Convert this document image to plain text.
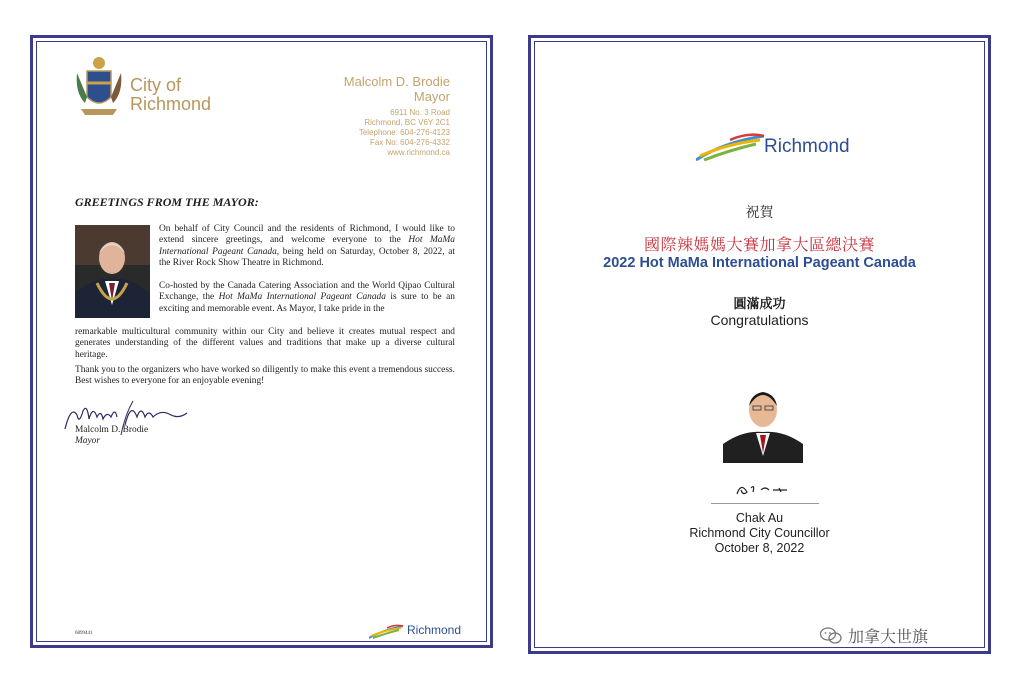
City of
Richmond
Malcolm D. Brodie
Mayor
6911 No. 3 Road
Richmond, BC V6Y 2C1
Telephone: 604-276-4123
Fax No: 604-276-4332
www.richmond.ca
GREETINGS FROM THE MAYOR:
On behalf of City Council and the residents of Richmond, I would like to extend sincere greetings, and welcome everyone to the Hot MaMa International Pageant Canada, being held on Saturday, October 8, 2022, at the River Rock Show Theatre in Richmond.
Co-hosted by the Canada Catering Association and the World Qipao Cultural Exchange, the Hot MaMa International Pageant Canada is sure to be an exciting and memorable event. As Mayor, I take pride in the
remarkable multicultural community within our City and believe it creates mutual respect and generates understanding of the different values and traditions that make up a diverse cultural heritage.
Thank you to the organizers who have worked so diligently to make this event a tremendous success. Best wishes to everyone for an enjoyable evening!
Malcolm D. Brodie
Mayor
6899441	Richmond
Richmond
祝賀
國際辣媽媽大賽加拿大區總決賽
2022 Hot MaMa International Pageant Canada
圓滿成功
Congratulations
Chak Au
Richmond City Councillor
October 8, 2022
加拿大世旗
